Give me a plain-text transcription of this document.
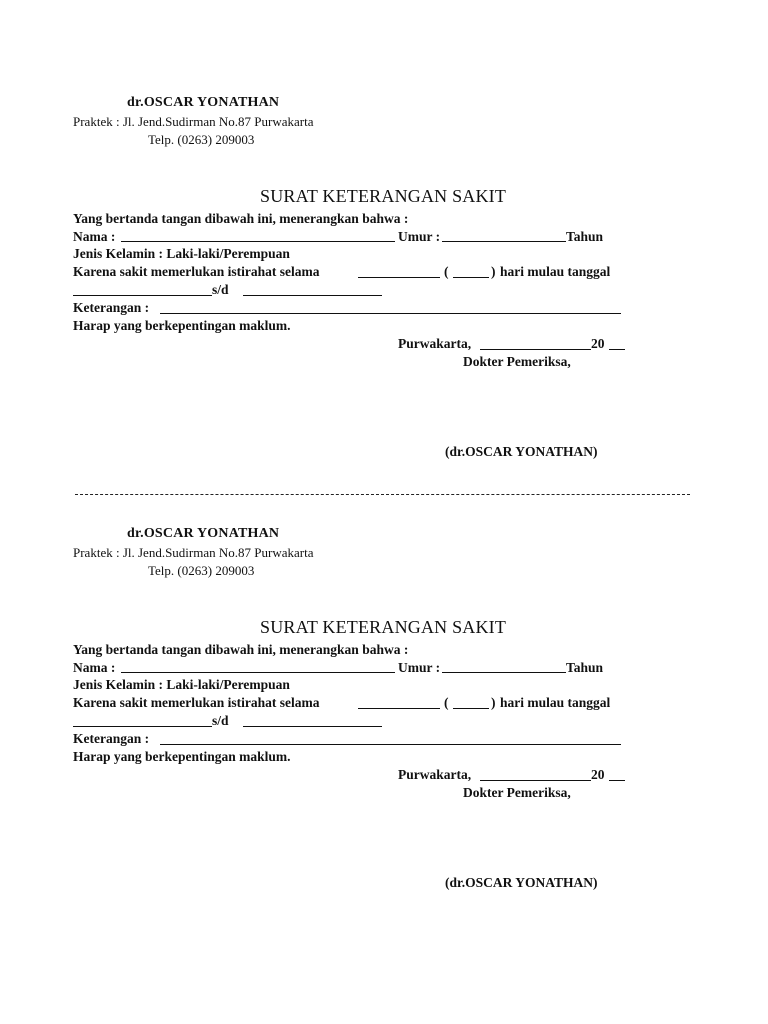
dr.OSCAR YONATHAN
Praktek : Jl. Jend.Sudirman No.87 Purwakarta
Telp. (0263) 209003
SURAT KETERANGAN SAKIT
Yang bertanda tangan dibawah ini, menerangkan bahwa :
Nama :	Umur :	Tahun
Jenis Kelamin : Laki-laki/Perempuan
Karena sakit memerlukan istirahat selama	(	) hari mulau tanggal
s/d
Keterangan :
Harap yang berkepentingan maklum.
Purwakarta,	20
Dokter Pemeriksa,
(dr.OSCAR YONATHAN)
dr.OSCAR YONATHAN
Praktek : Jl. Jend.Sudirman No.87 Purwakarta
Telp. (0263) 209003
SURAT KETERANGAN SAKIT
Yang bertanda tangan dibawah ini, menerangkan bahwa :
Nama :	Umur :	Tahun
Jenis Kelamin : Laki-laki/Perempuan
Karena sakit memerlukan istirahat selama	(	) hari mulau tanggal
s/d
Keterangan :
Harap yang berkepentingan maklum.
Purwakarta,	20
Dokter Pemeriksa,
(dr.OSCAR YONATHAN)
